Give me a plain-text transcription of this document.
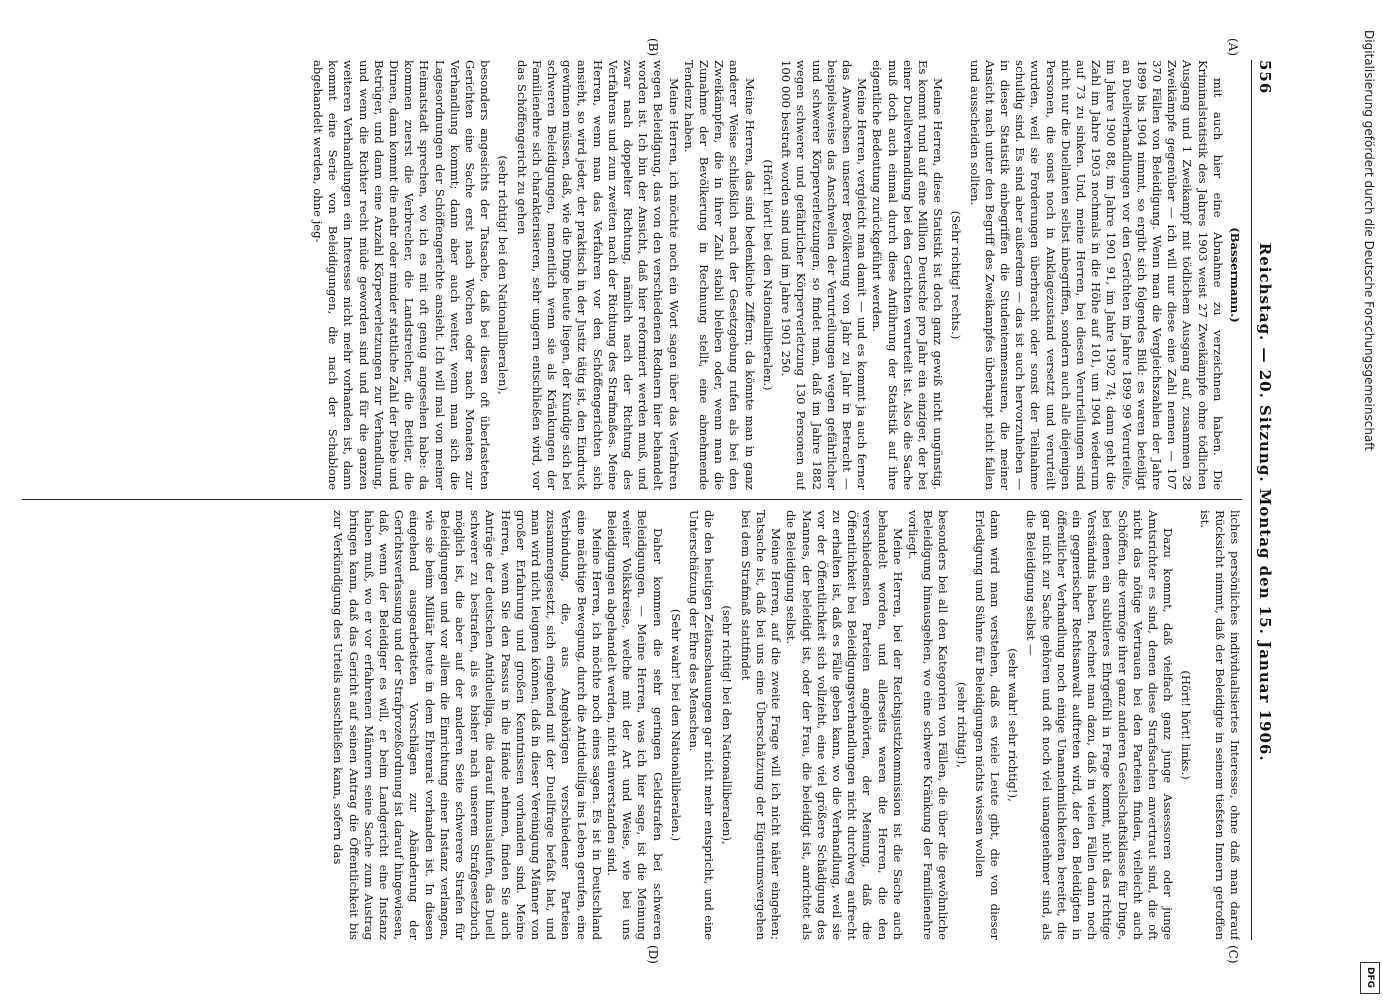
556
Reichstag. — 20. Sitzung. Montag den 15. Januar 1906.
(A)
(B)
(C)
(D)

(Bassermann.)

mit auch hier eine Abnahme zu verzeichnen haben. Die Kriminalstatistik des Jahres 1903 weist 27 Zweikämpfe ohne tödlichen Ausgang und 1 Zweikampf mit tödlichem Ausgang auf, zusammen 28 Zweikämpfe gegenüber — ich will nur diese eine Zahl nennen — 107 370 Fällen von Beleidigung. Wenn man die Vergleichszahlen der Jahre 1899 bis 1904 nimmt, so ergibt sich folgendes Bild: es waren beteiligt an Duellverhandlungen vor den Gerichten im Jahre 1899 99 Verurteilte, im Jahre 1900 88, im Jahre 1901 91, im Jahre 1902 74; dann geht die Zahl im Jahre 1903 nochmals in die Höhe auf 101, um 1904 wiederum auf 73 zu sinken. Und, meine Herren, bei diesen Verurteilungen sind nicht nur die Duellanten selbst inbegriffen, sondern auch alle diejenigen Personen, die sonst noch in Anklagezustand versetzt und verurteilt wurden, weil sie Forderungen überbracht oder sonst der Teilnahme schuldig sind. Es sind aber außerdem — das ist auch hervorzuheben — in dieser Statistik einbegriffen die Studentenmensuren, die meiner Ansicht nach unter den Begriff des Zweikampfes überhaupt nicht fallen und ausscheiden sollten.

(Sehr richtig! rechts.)

Meine Herren, diese Statistik ist doch ganz gewiß nicht ungünstig. Es kommt rund auf eine Million Deutsche pro Jahr ein einziger, der bei einer Duellverhandlung bei den Gerichten verurteilt ist. Also die Sache muß doch auch einmal durch diese Anführung der Statistik auf ihre eigentliche Bedeutung zurückgeführt werden.

Meine Herren, vergleicht man damit — und es kommt ja auch ferner das Anwachsen unserer Bevölkerung von Jahr zu Jahr in Betracht — beispielsweise das Anschwellen der Verurteilungen wegen gefährlicher und schwerer Körperverletzungen, so findet man, daß im Jahre 1882 wegen schwerer und gefährlicher Körperverletzung 130 Personen auf 100 000 bestraft worden sind und im Jahre 1901 250.

(Hört! hört! bei den Nationalliberalen.)

Meine Herren, das sind bedenkliche Ziffern; da könnte man in ganz anderer Weise schließlich nach der Gesetzgebung rufen als bei den Zweikämpfen, die in ihrer Zahl stabil bleiben oder, wenn man die Zunahme der Bevölkerung in Rechnung stellt, eine abnehmende Tendenz haben.

Meine Herren, ich möchte noch ein Wort sagen über das Verfahren wegen Beleidigung, das von den verschiedenen Rednern hier behandelt worden ist. Ich bin der Ansicht, daß hier reformiert werden muß, und zwar nach doppelter Richtung, nämlich nach der Richtung des Verfahrens und zum zweiten nach der Richtung des Strafmaßes. Meine Herren, wenn man das Verfahren vor den Schöffengerichten sich ansieht, so wird jeder, der praktisch in der Justiz tätig ist, den Eindruck gewinnen müssen, daß, wie die Dinge heute liegen, der Kundige sich bei schweren Beleidigungen, namentlich wenn sie als Kränkungen der Familienehre sich charakterisieren, sehr ungern entschließen wird, vor das Schöffengericht zu gehen

(sehr richtig! bei den Nationalliberalen),

besonders angesichts der Tatsache, daß bei diesen oft überlasteten Gerichten eine Sache erst nach Wochen oder nach Monaten zur Verhandlung kommt; dann aber auch weiter, wenn man sich die Lagesordnungen der Schöffengerichte ansieht. Ich will mal von meiner Heimatstadt sprechen, wo ich es mit oft genug angesehen habe: da kommen zuerst die Verbrecher, die Landstreicher, die Bettler, die Dirnen, dann kommt die mehr oder minder stattliche Zahl der Diebe und Betrüger, und dann eine Anzahl Körperverletzungen zur Verhandlung, und wenn die Richter recht müde geworden sind und für die ganzen weiteren Verhandlungen ein Interesse nicht mehr vorhanden ist, dann kommt eine Serie von Beleidigungen, die nach der Schablone abgehandelt werden, ohne jeg-

liches persönliches individualisiertes Interesse, ohne daß man darauf Rücksicht nimmt, daß der Beleidigte in seinem tiefsten Innern getroffen ist.

(Hört! hört! links.)

Dazu kommt, daß vielfach ganz junge Assessoren oder junge Amtsrichter es sind, denen diese Strafsachen anvertraut sind, die oft nicht das nötige Vertrauen bei den Parteien finden, vielleicht auch Schöffen, die vermöge ihrer ganz anderen Gesellschaftsklasse für Dinge, bei denen ein subtileres Ehrgefühl in Frage kommt, nicht das richtige Verständnis haben. Rechnet man dazu, daß in vielen Fällen dann noch ein gegnerischer Rechtsanwalt auftreten wird, der den Beleidigten in öffentlicher Verhandlung noch einige Unannehmlichkeiten bereitet, die gar nicht zur Sache gehören und oft noch viel unangenehmer sind, als die Beleidigung selbst —

(sehr wahr! sehr richtig!),

dann wird man verstehen, daß es viele Leute gibt, die von dieser Erledigung und Sühne für Beleidigungen nichts wissen wollen

(sehr richtig!),

besonders bei all den Kategorien von Fällen, die über die gewöhnliche Beleidigung hinausgehen, wo eine schwere Kränkung der Familienehre vorliegt.

Meine Herren, bei der Reichsjustizkommission ist die Sache auch behandelt worden, und allerseits waren die Herren, die den verschiedensten Parteien angehörten, der Meinung, daß die Öffentlichkeit bei Beleidigungsverhandlungen nicht durchweg aufrecht zu erhalten ist, daß es Fälle geben kann, wo die Verhandlung, weil sie vor der Öffentlichkeit sich vollzieht, eine viel größere Schädigung des Mannes, der beleidigt ist, oder der Frau, die beleidigt ist, anrichtet als die Beleidigung selbst.

Meine Herren, auf die zweite Frage will ich nicht näher eingehen; Tatsache ist, daß bei uns eine Überschätzung der Eigentumsvergehen bei dem Strafmaß stattfindet

(sehr richtig! bei den Nationalliberalen),

die den heutigen Zeitanschauungen gar nicht mehr entspricht, und eine Unterschätzung der Ehre des Menschen.

(Sehr wahr! bei den Nationalliberalen.)

Daher kommen die sehr geringen Geldstrafen bei schweren Beleidigungen. — Meine Herren, was ich hier sage, ist die Meinung weiter Volkskreise, welche mit der Art und Weise, wie bei uns Beleidigungen abgehandelt werden, nicht einverstanden sind.

Meine Herren, ich möchte noch eines sagen. Es ist in Deutschland eine mächtige Bewegung, durch die Antiduelliga ins Leben gerufen, eine Verbindung, die, aus Angehörigen verschiedener Parteien zusammengesetzt, sich eingehend mit der Duellfrage befaßt hat, und man wird nicht leugnen können, daß in dieser Vereinigung Männer von großer Erfahrung und großen Kenntnissen vorhanden sind. Meine Herren, wenn Sie den Passus in die Hände nehmen, finden Sie auch Anträge der deutschen Antiduelliga, die darauf hinauslaufen, das Duell schwerer zu bestrafen, als es bisher nach unserem Strafgesetzbuch möglich ist, die aber auf der anderen Seite schwerere Strafen für Beleidigungen und vor allem die Einrichtung einer Instanz verlangen, wie sie beim Militär heute in dem Ehrenrat vorhanden ist. In diesen eingehend ausgearbeiteten Vorschlägen zur Abänderung der Gerichtsverfassung und der Strafprozeßordnung ist darauf hingewiesen, daß, wenn der Beleidiger es will, er beim Landgericht eine Instanz haben muß, wo er vor erfahrenen Männern seine Sache zum Austrag bringen kann, daß das Gericht auf seinen Antrag die Öffentlichkeit bis zur Verkündigung des Urteils ausschließen kann, sofern das

Digitalisierung gefördert durch die Deutsche Forschungsgemeinschaft
DFG
